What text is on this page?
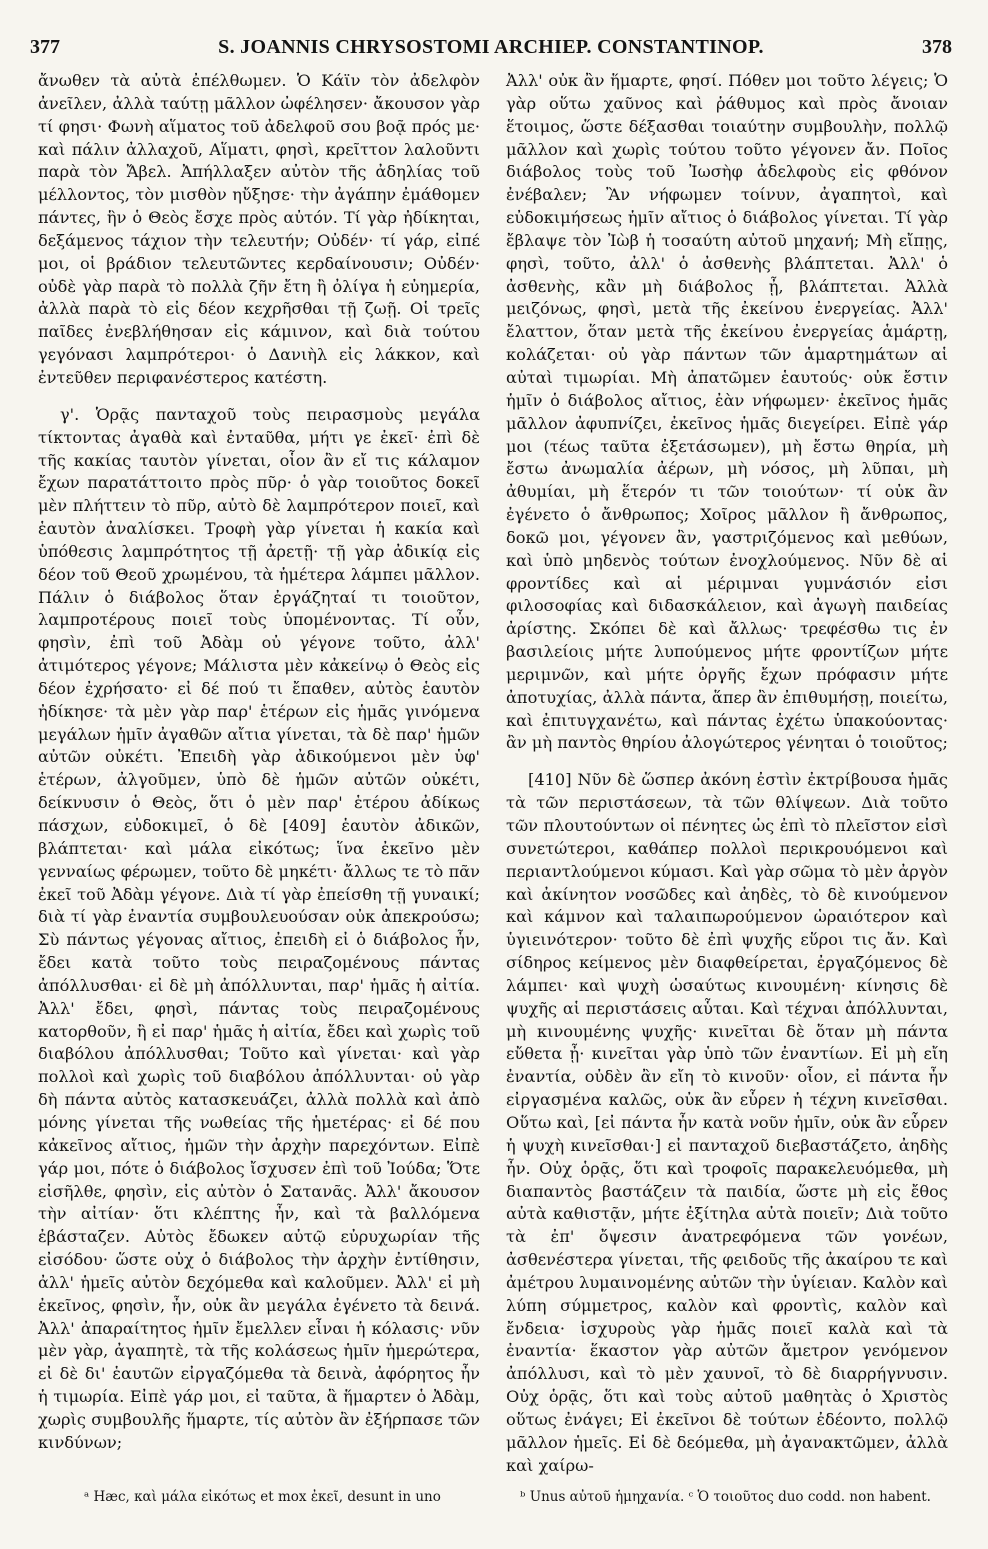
377	S. JOANNIS CHRYSOSTOMI ARCHIEP. CONSTANTINOP.	378

ἄνωθεν τὰ αὐτὰ ἐπέλθωμεν. Ὁ Κάϊν τὸν ἀδελφὸν ἀνεῖλεν, ἀλλὰ ταύτῃ μᾶλλον ὠφέλησεν· ἄκουσον γὰρ τί φησι· Φωνὴ αἵματος τοῦ ἀδελφοῦ σου βοᾷ πρός με· καὶ πάλιν ἀλλαχοῦ, Αἵματι, φησὶ, κρεῖττον λαλοῦντι παρὰ τὸν Ἄβελ. Ἀπήλλαξεν αὐτὸν τῆς ἀδηλίας τοῦ μέλλοντος, τὸν μισθὸν ηὔξησε· τὴν ἀγάπην ἐμάθομεν πάντες, ἣν ὁ Θεὸς ἔσχε πρὸς αὐτόν. Τί γὰρ ἠδίκηται, δεξάμενος τάχιον τὴν τελευτήν; Οὐδέν· τί γάρ, εἰπέ μοι, οἱ βράδιον τελευτῶντες κερδαίνουσιν; Οὐδέν· οὐδὲ γὰρ παρὰ τὸ πολλὰ ζῆν ἔτη ἢ ὀλίγα ἡ εὐημερία, ἀλλὰ παρὰ τὸ εἰς δέον κεχρῆσθαι τῇ ζωῇ. Οἱ τρεῖς παῖδες ἐνεβλήθησαν εἰς κάμινον, καὶ διὰ τούτου γεγόνασι λαμπρότεροι· ὁ Δανιὴλ εἰς λάκκον, καὶ ἐντεῦθεν περιφανέστερος κατέστη.

γ'. Ὁρᾷς πανταχοῦ τοὺς πειρασμοὺς μεγάλα τίκτοντας ἀγαθὰ καὶ ἐνταῦθα, μήτι γε ἐκεῖ· ἐπὶ δὲ τῆς κακίας ταυτὸν γίνεται, οἷον ἂν εἴ τις κάλαμον ἔχων παρατάττοιτο πρὸς πῦρ· ὁ γὰρ τοιοῦτος δοκεῖ μὲν πλήττειν τὸ πῦρ, αὐτὸ δὲ λαμπρότερον ποιεῖ, καὶ ἑαυτὸν ἀναλίσκει. Τροφὴ γὰρ γίνεται ἡ κακία καὶ ὑπόθεσις λαμπρότητος τῇ ἀρετῇ· τῇ γὰρ ἀδικίᾳ εἰς δέον τοῦ Θεοῦ χρωμένου, τὰ ἡμέτερα λάμπει μᾶλλον. Πάλιν ὁ διάβολος ὅταν ἐργάζηταί τι τοιοῦτον, λαμπροτέρους ποιεῖ τοὺς ὑπομένοντας. Τί οὖν, φησὶν, ἐπὶ τοῦ Ἀδὰμ οὐ γέγονε τοῦτο, ἀλλ' ἀτιμότερος γέγονε; Μάλιστα μὲν κἀκείνῳ ὁ Θεὸς εἰς δέον ἐχρήσατο· εἰ δέ πού τι ἔπαθεν, αὐτὸς ἑαυτὸν ἠδίκησε· τὰ μὲν γὰρ παρ' ἑτέρων εἰς ἡμᾶς γινόμενα μεγάλων ἡμῖν ἀγαθῶν αἴτια γίνεται, τὰ δὲ παρ' ἡμῶν αὐτῶν οὐκέτι. Ἐπειδὴ γὰρ ἀδικούμενοι μὲν ὑφ' ἑτέρων, ἀλγοῦμεν, ὑπὸ δὲ ἡμῶν αὐτῶν οὐκέτι, δείκνυσιν ὁ Θεὸς, ὅτι ὁ μὲν παρ' ἑτέρου ἀδίκως πάσχων, εὐδοκιμεῖ, ὁ δὲ [409] ἑαυτὸν ἀδικῶν, βλάπτεται· καὶ μάλα εἰκότως; ἵνα ἐκεῖνο μὲν γενναίως φέρωμεν, τοῦτο δὲ μηκέτι· ἄλλως τε τὸ πᾶν ἐκεῖ τοῦ Ἀδὰμ γέγονε. Διὰ τί γὰρ ἐπείσθη τῇ γυναικί; διὰ τί γὰρ ἐναντία συμβουλευούσαν οὐκ ἀπεκρούσω; Σὺ πάντως γέγονας αἴτιος, ἐπειδὴ εἰ ὁ διάβολος ἦν, ἔδει κατὰ τοῦτο τοὺς πειραζομένους πάντας ἀπόλλυσθαι· εἰ δὲ μὴ ἀπόλλυνται, παρ' ἡμᾶς ἡ αἰτία. Ἀλλ' ἔδει, φησὶ, πάντας τοὺς πειραζομένους κατορθοῦν, ἢ εἰ παρ' ἡμᾶς ἡ αἰτία, ἔδει καὶ χωρὶς τοῦ διαβόλου ἀπόλλυσθαι; Τοῦτο καὶ γίνεται· καὶ γὰρ πολλοὶ καὶ χωρὶς τοῦ διαβόλου ἀπόλλυνται· οὐ γὰρ δὴ πάντα αὐτὸς κατασκευάζει, ἀλλὰ πολλὰ καὶ ἀπὸ μόνης γίνεται τῆς νωθείας τῆς ἡμετέρας· εἰ δέ που κἀκεῖνος αἴτιος, ἡμῶν τὴν ἀρχὴν παρεχόντων. Εἰπὲ γάρ μοι, πότε ὁ διάβολος ἴσχυσεν ἐπὶ τοῦ Ἰούδα; Ὅτε εἰσῆλθε, φησὶν, εἰς αὐτὸν ὁ Σατανᾶς. Ἀλλ' ἄκουσον τὴν αἰτίαν· ὅτι κλέπτης ἦν, καὶ τὰ βαλλόμενα ἐβάσταζεν. Αὐτὸς ἔδωκεν αὐτῷ εὐρυχωρίαν τῆς εἰσόδου· ὥστε οὐχ ὁ διάβολος τὴν ἀρχὴν ἐντίθησιν, ἀλλ' ἡμεῖς αὐτὸν δεχόμεθα καὶ καλοῦμεν. Ἀλλ' εἰ μὴ ἐκεῖνος, φησὶν, ἦν, οὐκ ἂν μεγάλα ἐγένετο τὰ δεινά. Ἀλλ' ἀπαραίτητος ἡμῖν ἔμελλεν εἶναι ἡ κόλασις· νῦν μὲν γὰρ, ἀγαπητὲ, τὰ τῆς κολάσεως ἡμῖν ἡμερώτερα, εἰ δὲ δι' ἑαυτῶν εἰργαζόμεθα τὰ δεινὰ, ἀφόρητος ἦν ἡ τιμωρία. Εἰπὲ γάρ μοι, εἰ ταῦτα, ἃ ἥμαρτεν ὁ Ἀδὰμ, χωρὶς συμβουλῆς ἥμαρτε, τίς αὐτὸν ἂν ἐξήρπασε τῶν κινδύνων;

Ἀλλ' οὐκ ἂν ἥμαρτε, φησί. Πόθεν μοι τοῦτο λέγεις; Ὁ γὰρ οὕτω χαῦνος καὶ ῥάθυμος καὶ πρὸς ἄνοιαν ἕτοιμος, ὥστε δέξασθαι τοιαύτην συμβουλὴν, πολλῷ μᾶλλον καὶ χωρὶς τούτου τοῦτο γέγονεν ἄν. Ποῖος διάβολος τοὺς τοῦ Ἰωσὴφ ἀδελφοὺς εἰς φθόνον ἐνέβαλεν; Ἂν νήφωμεν τοίνυν, ἀγαπητοὶ, καὶ εὐδοκιμήσεως ἡμῖν αἴτιος ὁ διάβολος γίνεται. Τί γὰρ ἔβλαψε τὸν Ἰὼβ ἡ τοσαύτη αὐτοῦ μηχανή; Μὴ εἴπῃς, φησὶ, τοῦτο, ἀλλ' ὁ ἀσθενὴς βλάπτεται. Ἀλλ' ὁ ἀσθενὴς, κἂν μὴ διάβολος ᾖ, βλάπτεται. Ἀλλὰ μειζόνως, φησὶ, μετὰ τῆς ἐκείνου ἐνεργείας. Ἀλλ' ἔλαττον, ὅταν μετὰ τῆς ἐκείνου ἐνεργείας ἁμάρτῃ, κολάζεται· οὐ γὰρ πάντων τῶν ἁμαρτημάτων αἱ αὐταὶ τιμωρίαι. Μὴ ἀπατῶμεν ἑαυτούς· οὐκ ἔστιν ἡμῖν ὁ διάβολος αἴτιος, ἐὰν νήφωμεν· ἐκεῖνος ἡμᾶς μᾶλλον ἀφυπνίζει, ἐκεῖνος ἡμᾶς διεγείρει. Εἰπὲ γάρ μοι (τέως ταῦτα ἐξετάσωμεν), μὴ ἔστω θηρία, μὴ ἔστω ἀνωμαλία ἀέρων, μὴ νόσος, μὴ λῦπαι, μὴ ἀθυμίαι, μὴ ἕτερόν τι τῶν τοιούτων· τί οὐκ ἂν ἐγένετο ὁ ἄνθρωπος; Χοῖρος μᾶλλον ἢ ἄνθρωπος, δοκῶ μοι, γέγονεν ἂν, γαστριζόμενος καὶ μεθύων, καὶ ὑπὸ μηδενὸς τούτων ἐνοχλούμενος. Νῦν δὲ αἱ φροντίδες καὶ αἱ μέριμναι γυμνάσιόν εἰσι φιλοσοφίας καὶ διδασκάλειον, καὶ ἀγωγὴ παιδείας ἀρίστης. Σκόπει δὲ καὶ ἄλλως· τρεφέσθω τις ἐν βασιλείοις μήτε λυπούμενος μήτε φροντίζων μήτε μεριμνῶν, καὶ μήτε ὀργῆς ἔχων πρόφασιν μήτε ἀποτυχίας, ἀλλὰ πάντα, ἅπερ ἂν ἐπιθυμήσῃ, ποιείτω, καὶ ἐπιτυγχανέτω, καὶ πάντας ἐχέτω ὑπακούοντας· ἂν μὴ παντὸς θηρίου ἀλογώτερος γένηται ὁ τοιοῦτος;

[410] Νῦν δὲ ὥσπερ ἀκόνη ἐστὶν ἐκτρίβουσα ἡμᾶς τὰ τῶν περιστάσεων, τὰ τῶν θλίψεων. Διὰ τοῦτο τῶν πλουτούντων οἱ πένητες ὡς ἐπὶ τὸ πλεῖστον εἰσὶ συνετώτεροι, καθάπερ πολλοὶ περικρουόμενοι καὶ περιαντλούμενοι κύμασι. Καὶ γὰρ σῶμα τὸ μὲν ἀργὸν καὶ ἀκίνητον νοσῶδες καὶ ἀηδὲς, τὸ δὲ κινούμενον καὶ κάμνον καὶ ταλαιπωρούμενον ὡραιότερον καὶ ὑγιεινότερον· τοῦτο δὲ ἐπὶ ψυχῆς εὕροι τις ἄν. Καὶ σίδηρος κείμενος μὲν διαφθείρεται, ἐργαζόμενος δὲ λάμπει· καὶ ψυχὴ ὡσαύτως κινουμένη· κίνησις δὲ ψυχῆς αἱ περιστάσεις αὗται. Καὶ τέχναι ἀπόλλυνται, μὴ κινουμένης ψυχῆς· κινεῖται δὲ ὅταν μὴ πάντα εὔθετα ᾖ· κινεῖται γὰρ ὑπὸ τῶν ἐναντίων. Εἰ μὴ εἴη ἐναντία, οὐδὲν ἂν εἴη τὸ κινοῦν· οἷον, εἰ πάντα ἦν εἰργασμένα καλῶς, οὐκ ἂν εὗρεν ἡ τέχνη κινεῖσθαι. Οὕτω καὶ, [εἰ πάντα ἦν κατὰ νοῦν ἡμῖν, οὐκ ἂν εὗρεν ἡ ψυχὴ κινεῖσθαι·] εἰ πανταχοῦ διεβαστάζετο, ἀηδὴς ἦν. Οὐχ ὁρᾷς, ὅτι καὶ τροφοῖς παρακελευόμεθα, μὴ διαπαντὸς βαστάζειν τὰ παιδία, ὥστε μὴ εἰς ἔθος αὐτὰ καθιστᾷν, μήτε ἐξίτηλα αὐτὰ ποιεῖν; Διὰ τοῦτο τὰ ἐπ' ὄψεσιν ἀνατρεφόμενα τῶν γονέων, ἀσθενέστερα γίνεται, τῆς φειδοῦς τῆς ἀκαίρου τε καὶ ἀμέτρου λυμαινομένης αὐτῶν τὴν ὑγίειαν. Καλὸν καὶ λύπη σύμμετρος, καλὸν καὶ φροντὶς, καλὸν καὶ ἔνδεια· ἰσχυροὺς γὰρ ἡμᾶς ποιεῖ καλὰ καὶ τὰ ἐναντία· ἕκαστον γὰρ αὐτῶν ἄμετρον γενόμενον ἀπόλλυσι, καὶ τὸ μὲν χαυνοῖ, τὸ δὲ διαρρήγνυσιν. Οὐχ ὁρᾷς, ὅτι καὶ τοὺς αὐτοῦ μαθητὰς ὁ Χριστὸς οὕτως ἐνάγει; Εἰ ἐκεῖνοι δὲ τούτων ἐδέοντο, πολλῷ μᾶλλον ἡμεῖς. Εἰ δὲ δεόμεθα, μὴ ἀγανακτῶμεν, ἀλλὰ καὶ χαίρω-

ᵃ Hæc, καὶ μάλα εἰκότως et mox ἐκεῖ, desunt in uno	ᵇ Unus αὐτοῦ ἡμηχανία. ᶜ Ὁ τοιοῦτος duo codd. non habent.
